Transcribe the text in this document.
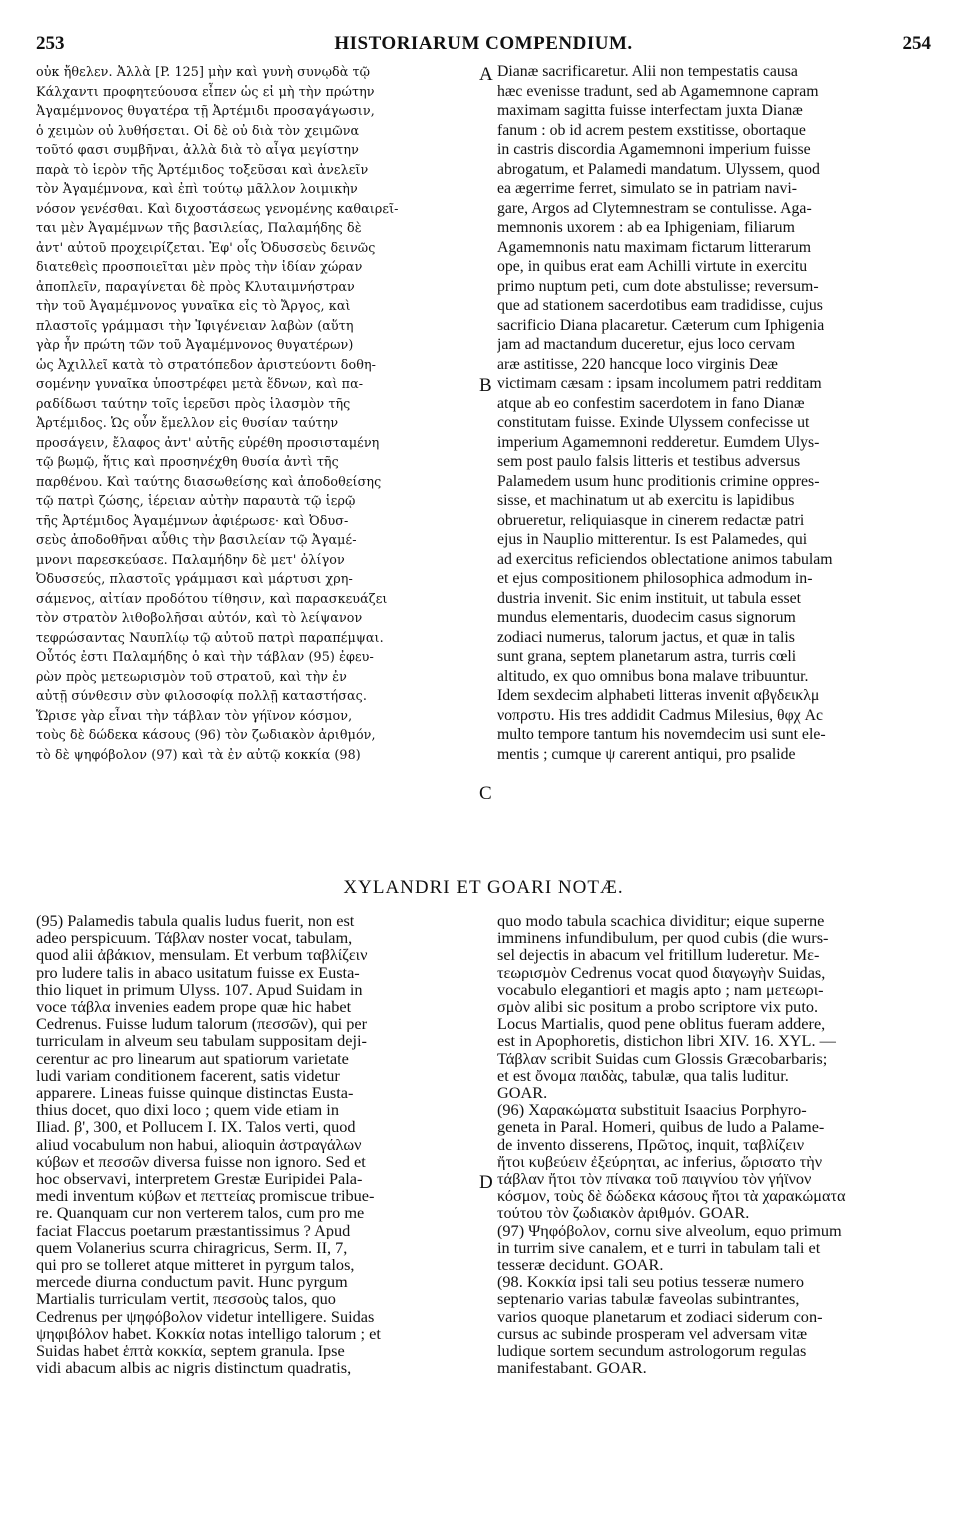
253	HISTORIARUM COMPENDIUM.	254
οὐκ ἤθελεν. Ἀλλὰ [P. 125] μὴν καὶ γυνὴ συνῳδὰ τῷ
Κάλχαντι προφητεύουσα εἶπεν ὡς εἰ μὴ τὴν πρώτην
Ἀγαμέμνονος θυγατέρα τῇ Ἀρτέμιδι προσαγάγωσιν,
ὁ χειμὼν οὐ λυθήσεται. Οἱ δὲ οὐ διὰ τὸν χειμῶνα
τοῦτό φασι συμβῆναι, ἀλλὰ διὰ τὸ αἶγα μεγίστην
παρὰ τὸ ἱερὸν τῆς Ἀρτέμιδος τοξεῦσαι καὶ ἀνελεῖν
τὸν Ἀγαμέμνονα, καὶ ἐπὶ τούτῳ μᾶλλον λοιμικὴν
νόσον γενέσθαι. Καὶ διχοστάσεως γενομένης καθαιρεῖ-
ται μὲν Ἀγαμέμνων τῆς βασιλείας, Παλαμήδης δὲ
ἀντ' αὐτοῦ προχειρίζεται. Ἐφ' οἷς Ὀδυσσεὺς δεινῶς
διατεθεὶς προσποιεῖται μὲν πρὸς τὴν ἰδίαν χώραν
ἀποπλεῖν, παραγίνεται δὲ πρὸς Κλυταιμνήστραν
τὴν τοῦ Ἀγαμέμνονος γυναῖκα εἰς τὸ Ἄργος, καὶ
πλαστοῖς γράμμασι τὴν Ἰφιγένειαν λαβὼν (αὕτη
γὰρ ἦν πρώτη τῶν τοῦ Ἀγαμέμνονος θυγατέρων)
ὡς Ἀχιλλεῖ κατὰ τὸ στρατόπεδον ἀριστεύοντι δοθη-
σομένην γυναῖκα ὑποστρέφει μετὰ ἕδνων, καὶ πα-
ραδίδωσι ταύτην τοῖς ἱερεῦσι πρὸς ἱλασμὸν τῆς
Ἀρτέμιδος. Ὡς οὖν ἔμελλον εἰς θυσίαν ταύτην
προσάγειν, ἔλαφος ἀντ' αὐτῆς εὑρέθη προσισταμένη
τῷ βωμῷ, ἥτις καὶ προσηνέχθη θυσία ἀντὶ τῆς
παρθένου. Καὶ ταύτης διασωθείσης καὶ ἀποδοθείσης
τῷ πατρὶ ζώσης, ἱέρειαν αὐτὴν παραυτὰ τῷ ἱερῷ
τῆς Ἀρτέμιδος Ἀγαμέμνων ἀφιέρωσε· καὶ Ὀδυσ-
σεὺς ἀποδοθῆναι αὖθις τὴν βασιλείαν τῷ Ἀγαμέ-
μνονι παρεσκεύασε. Παλαμήδην δὲ μετ' ὀλίγον
Ὀδυσσεύς, πλαστοῖς γράμμασι καὶ μάρτυσι χρη-
σάμενος, αἰτίαν προδότου τίθησιν, καὶ παρασκευάζει
τὸν στρατὸν λιθοβολῆσαι αὐτόν, καὶ τὸ λείψανον
τεφρώσαντας Ναυπλίῳ τῷ αὐτοῦ πατρὶ παραπέμψαι.
Οὗτός ἐστι Παλαμήδης ὁ καὶ τὴν τάβλαν (95) ἐφευ-
ρὼν πρὸς μετεωρισμὸν τοῦ στρατοῦ, καὶ τὴν ἐν
αὐτῇ σύνθεσιν σὺν φιλοσοφίᾳ πολλῇ καταστήσας.
Ὥρισε γὰρ εἶναι τὴν τάβλαν τὸν γήϊνον κόσμον,
τοὺς δὲ δώδεκα κάσους (96) τὸν ζωδιακὸν ἀριθμόν,
τὸ δὲ ψηφόβολον (97) καὶ τὰ ἐν αὐτῷ κοκκία (98)
Dianæ sacrificaretur. Alii non tempestatis causa
hæc evenisse tradunt, sed ab Agamemnone capram
maximam sagitta fuisse interfectam juxta Dianæ
fanum : ob id acrem pestem exstitisse, obortaque
in castris discordia Agamemnoni imperium fuisse
abrogatum, et Palamedi mandatum. Ulyssem, quod
ea ægerrime ferret, simulato se in patriam navi-
gare, Argos ad Clytemnestram se contulisse. Aga-
memnonis uxorem : ab ea Iphigeniam, filiarum
Agamemnonis natu maximam fictarum litterarum
ope, in quibus erat eam Achilli virtute in exercitu
primo nuptum peti, cum dote abstulisse; reversum-
que ad stationem sacerdotibus eam tradidisse, cujus
sacrificio Diana placaretur. Cæterum cum Iphigenia
jam ad mactandum duceretur, ejus loco cervam
aræ astitisse, 220 hancque loco virginis Deæ
victimam cæsam : ipsam incolumem patri redditam
atque ab eo confestim sacerdotem in fano Dianæ
constitutam fuisse. Exinde Ulyssem confecisse ut
imperium Agamemnoni redderetur. Eumdem Ulys-
sem post paulo falsis litteris et testibus adversus
Palamedem usum hunc proditionis crimine oppres-
sisse, et machinatum ut ab exercitu is lapidibus
obrueretur, reliquiasque in cinerem redactæ patri
ejus in Nauplio mitterentur. Is est Palamedes, qui
ad exercitus reficiendos oblectatione animos tabulam
et ejus compositionem philosophica admodum in-
dustria invenit. Sic enim instituit, ut tabula esset
mundus elementaris, duodecim casus signorum
zodiaci numerus, talorum jactus, et quæ in talis
sunt grana, septem planetarum astra, turris cœli
altitudo, ex quo omnibus bona malave tribuuntur.
Idem sexdecim alphabeti litteras invenit αβγδεικλμ
νοπρστυ. His tres addidit Cadmus Milesius, θφχ Ac
multo tempore tantum his novemdecim usi sunt ele-
mentis ; cumque ψ carerent antiqui, pro psalide
A
B
C
D
XYLANDRI ET GOARI NOTÆ.
(95) Palamedis tabula qualis ludus fuerit, non est
adeo perspicuum. Τάβλαν noster vocat, tabulam,
quod alii ἀβάκιον, mensulam. Et verbum ταβλίζειν
pro ludere talis in abaco usitatum fuisse ex Eusta-
thio liquet in primum Ulyss. 107. Apud Suidam in
voce τάβλα invenies eadem prope quæ hic habet
Cedrenus. Fuisse ludum talorum (πεσσῶν), qui per
turriculam in alveum seu tabulam suppositam deji-
cerentur ac pro linearum aut spatiorum varietate
ludi variam conditionem facerent, satis videtur
apparere. Lineas fuisse quinque distinctas Eusta-
thius docet, quo dixi loco ; quem vide etiam in
Iliad. β', 300, et Pollucem I. IX. Talos verti, quod
aliud vocabulum non habui, alioquin ἀστραγάλων
κύβων et πεσσῶν diversa fuisse non ignoro. Sed et
hoc observavi, interpretem Grestæ Euripidei Pala-
medi inventum κύβων et πεττείας promiscue tribue-
re. Quanquam cur non verterem talos, cum pro me
faciat Flaccus poetarum præstantissimus ? Apud
quem Volanerius scurra chiragricus, Serm. II, 7,
qui pro se tolleret atque mitteret in pyrgum talos,
mercede diurna conductum pavit. Hunc pyrgum
Martialis turriculam vertit, πεσσοὺς talos, quo
Cedrenus per ψηφόβολον videtur intelligere. Suidas
ψηφιβόλον habet. Κοκκία notas intelligo talorum ; et
Suidas habet ἑπτὰ κοκκία, septem granula. Ipse
vidi abacum albis ac nigris distinctum quadratis,
quo modo tabula scachica dividitur; eique superne
imminens infundibulum, per quod cubis (die wurs-
sel dejectis in abacum vel fritillum luderetur. Με-
τεωρισμὸν Cedrenus vocat quod διαγωγὴν Suidas,
vocabulo elegantiori et magis apto ; nam μετεωρι-
σμὸν alibi sic positum a probo scriptore vix puto.
Locus Martialis, quod pene oblitus fueram addere,
est in Apophoretis, distichon libri XIV. 16. XYL. —
Τάβλαν scribit Suidas cum Glossis Græcobarbaris;
et est ὄνομα παιδὰς, tabulæ, qua talis luditur.
GOAR.
(96) Χαρακώματα substituit Isaacius Porphyro-
geneta in Paral. Homeri, quibus de ludo a Palame-
de invento disserens, Πρῶτος, inquit, ταβλίζειν
ἤτοι κυβεύειν ἐξεύρηται, ac inferius, ὥρισατο τὴν
τάβλαν ἤτοι τὸν πίνακα τοῦ παιγνίου τὸν γήϊνον
κόσμον, τοὺς δὲ δώδεκα κάσους ἤτοι τὰ χαρακώματα
τούτου τὸν ζωδιακὸν ἀριθμόν. GOAR.
(97) Ψηφόβολον, cornu sive alveolum, equo primum
in turrim sive canalem, et e turri in tabulam tali et
tesseræ decidunt. GOAR.
(98. Κοκκία ipsi tali seu potius tesseræ numero
septenario varias tabulæ faveolas subintrantes,
varios quoque planetarum et zodiaci siderum con-
cursus ac subinde prosperam vel adversam vitæ
ludique sortem secundum astrologorum regulas
manifestabant. GOAR.
